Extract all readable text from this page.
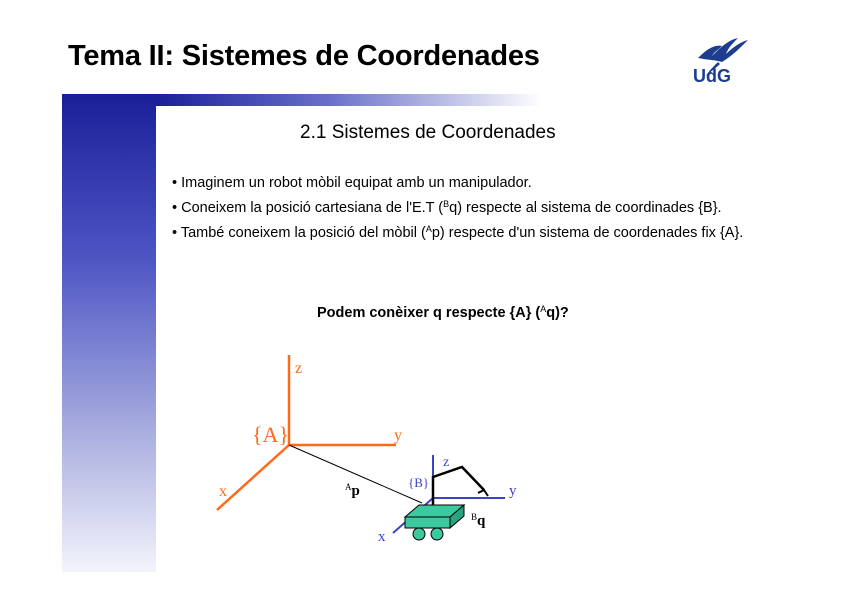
Tema II: Sistemes de Coordenades
UdG
2.1 Sistemes de Coordenades

• Imaginem un robot mòbil equipat amb un manipulador.

• Coneixem la posició cartesiana de l'E.T ($^B$q) respecte al sistema de coordinades {B}.

• També coneixem la posició del mòbil ($^A$p) respecte d'un sistema de coordenades fix {A}.

Podem conèixer q respecte {A} ($^A$q)?
{A}
z
y
x	$^A$p
{B}
z
y
x
$^B$q
